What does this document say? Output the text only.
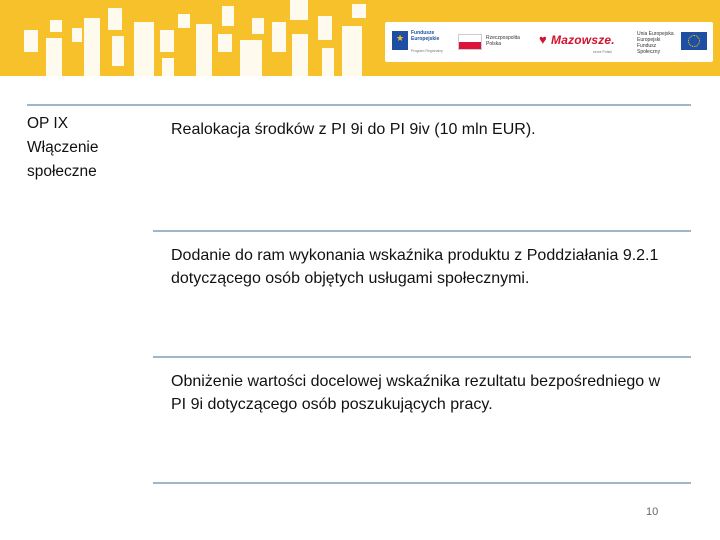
★ Fundusze Europejskie
Program Regionalny
Rzeczpospolita Polska	♥ Mazowsze.
serce Polski
Unia Europejska Europejski Fundusz Społeczny
OP IX
Włączenie społeczne
Realokacja środków z PI 9i do PI 9iv (10 mln EUR).
Dodanie do ram wykonania wskaźnika produktu z Poddziałania 9.2.1 dotyczącego osób objętych usługami społecznymi.
Obniżenie wartości docelowej wskaźnika rezultatu bezpośredniego w PI 9i dotyczącego osób poszukujących pracy.
10
